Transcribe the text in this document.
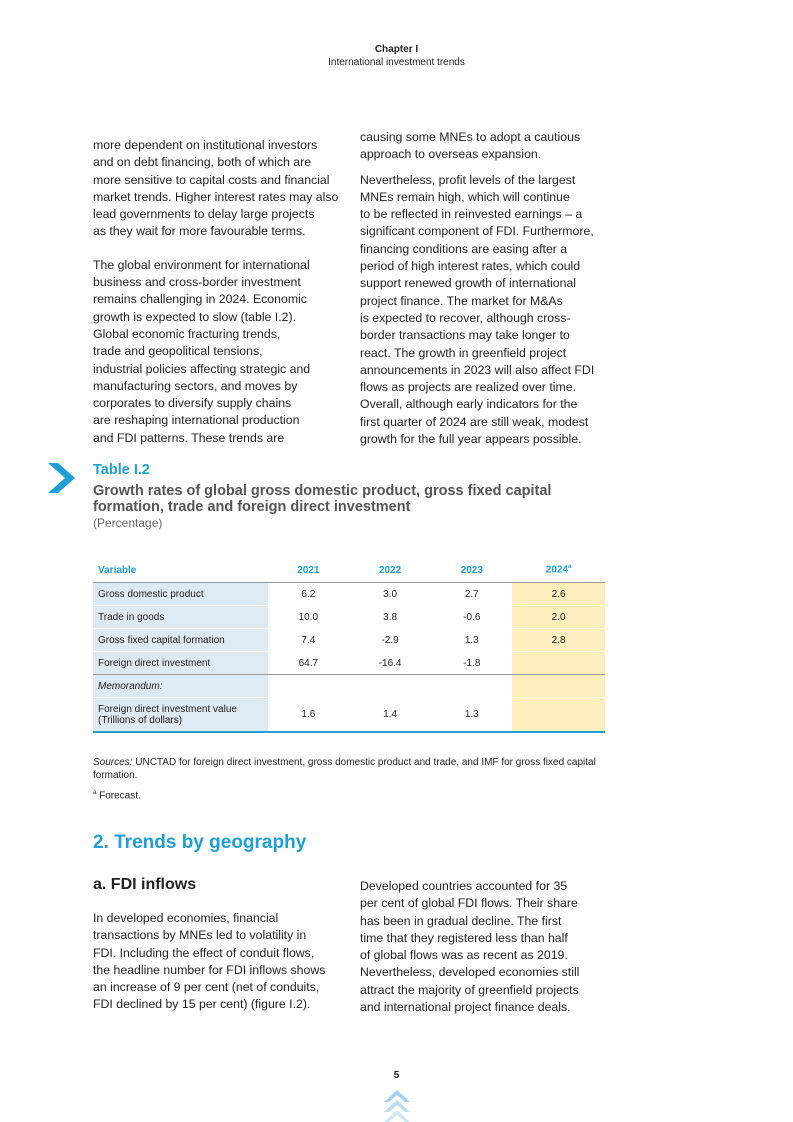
Chapter I
International investment trends

more dependent on institutional investors

and on debt financing, both of which are

more sensitive to capital costs and financial

market trends. Higher interest rates may also

lead governments to delay large projects

as they wait for more favourable terms.

The global environment for international

business and cross-border investment

remains challenging in 2024. Economic

growth is expected to slow (table I.2).

Global economic fracturing trends,

trade and geopolitical tensions,

industrial policies affecting strategic and

manufacturing sectors, and moves by

corporates to diversify supply chains

are reshaping international production

and FDI patterns. These trends are

causing some MNEs to adopt a cautious

approach to overseas expansion.

Nevertheless, profit levels of the largest

MNEs remain high, which will continue

to be reflected in reinvested earnings – a

significant component of FDI. Furthermore,

financing conditions are easing after a

period of high interest rates, which could

support renewed growth of international

project finance. The market for M&As

is expected to recover, although cross-

border transactions may take longer to

react. The growth in greenfield project

announcements in 2023 will also affect FDI

flows as projects are realized over time.

Overall, although early indicators for the

first quarter of 2024 are still weak, modest

growth for the full year appears possible.

Table I.2
Growth rates of global gross domestic product, gross fixed capital formation, trade and foreign direct investment
(Percentage)
Variable	2021	2022	2023	2024$^a$
Gross domestic product	6.2	3.0	2.7	2.6
Trade in goods	10.0	3.8	-0.6	2.0
Gross fixed capital formation	7.4	-2.9	1.3	2.8
Foreign direct investment	64.7	-16.4	-1.8	
Memorandum:				
Foreign direct investment value
(Trillions of dollars)	1.6	1.4	1.3	
Sources: UNCTAD for foreign direct investment, gross domestic product and trade, and IMF for gross fixed capital formation.
$^a$ Forecast.
2. Trends by geography
a. FDI inflows

In developed economies, financial

transactions by MNEs led to volatility in

FDI. Including the effect of conduit flows,

the headline number for FDI inflows shows

an increase of 9 per cent (net of conduits,

FDI declined by 15 per cent) (figure I.2).

Developed countries accounted for 35

per cent of global FDI flows. Their share

has been in gradual decline. The first

time that they registered less than half

of global flows was as recent as 2019.

Nevertheless, developed economies still

attract the majority of greenfield projects

and international project finance deals.

5
